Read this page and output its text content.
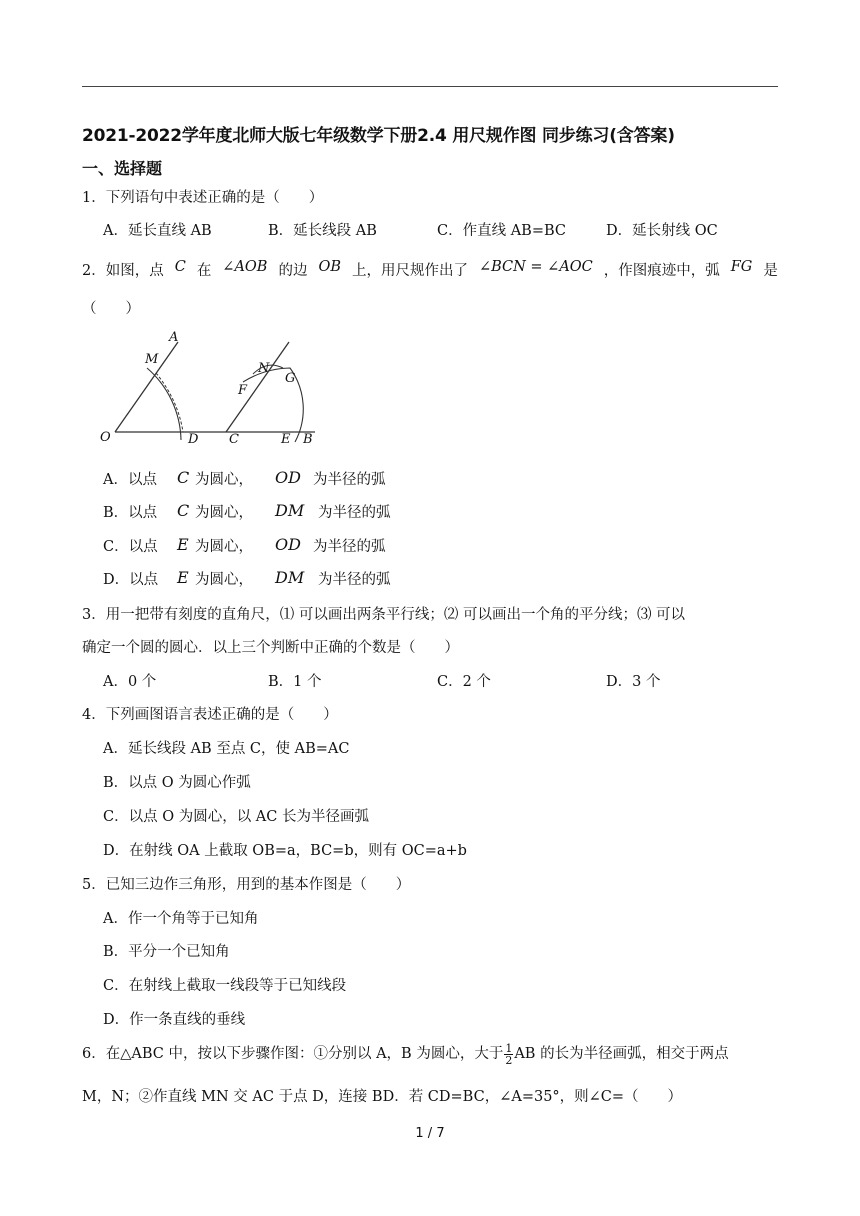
2021-2022学年度北师大版七年级数学下册2.4 用尺规作图 同步练习(含答案)
一、选择题
1．下列语句中表述正确的是（　　）
A．延长直线 AB	B．延长线段 AB	C．作直线 AB=BC	D．延长射线 OC
2．如图，点 C 在 ∠AOB 的边 OB 上，用尺规作出了 ∠BCN = ∠AOC ，作图痕迹中，弧 FG 是
（　　）
A
M
O	D
N
G
F
C	E B
A．以点 C 为圆心， OD 为半径的弧
B．以点 C 为圆心， DM 为半径的弧
C．以点 E 为圆心， OD 为半径的弧
D．以点 E 为圆心， DM 为半径的弧
3．用一把带有刻度的直角尺，⑴ 可以画出两条平行线；⑵ 可以画出一个角的平分线；⑶ 可以
确定一个圆的圆心．以上三个判断中正确的个数是（　　）
A．0 个	B．1 个	C．2 个	D．3 个
4．下列画图语言表述正确的是（　　）
A．延长线段 AB 至点 C，使 AB=AC
B．以点 O 为圆心作弧
C．以点 O 为圆心，以 AC 长为半径画弧
D．在射线 OA 上截取 OB=a，BC=b，则有 OC=a+b
5．已知三边作三角形，用到的基本作图是（　　）
A．作一个角等于已知角
B．平分一个已知角
C．在射线上截取一线段等于已知线段
D．作一条直线的垂线
6．在△ABC 中，按以下步骤作图：①分别以 A，B 为圆心，大于 $\frac{1}{2}$ AB 的长为半径画弧，相交于两点
M，N；②作直线 MN 交 AC 于点 D，连接 BD．若 CD=BC，∠A=35°，则∠C=（　　）
1 / 7
